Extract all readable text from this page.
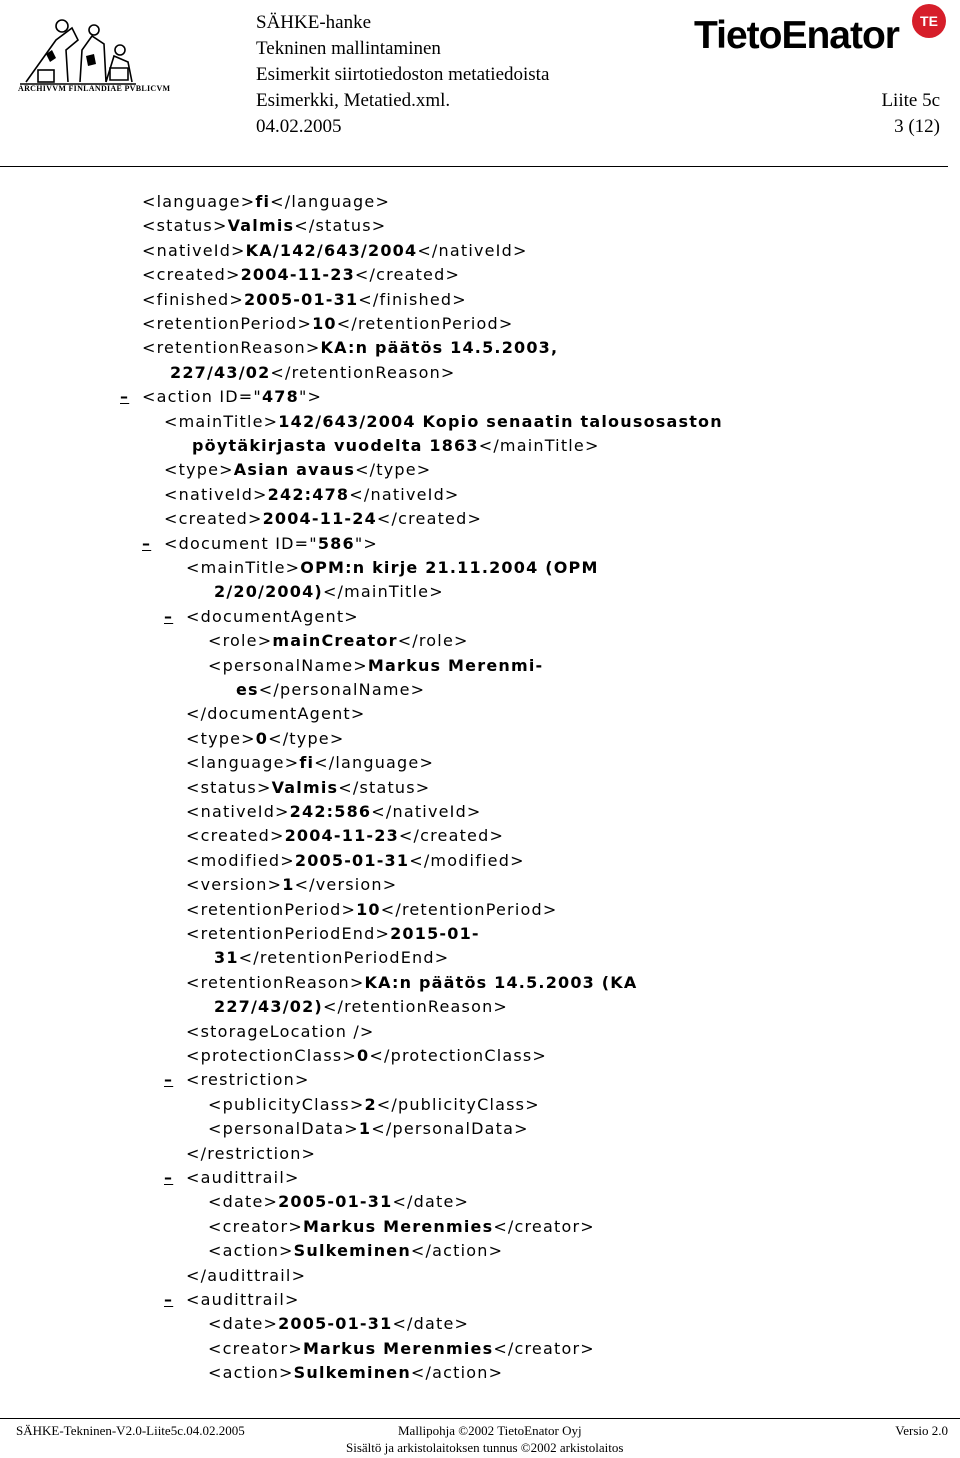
ARCHIVVM FINLANDIAE PVBLICVM
SÄHKE-hanke
Tekninen mallintaminen
Esimerkit siirtotiedoston metatiedoista
Esimerkki, Metatied.xml.
04.02.2005
TietoEnator	TE
Liite 5c
3 (12)
<language>fi</language>
<status>Valmis</status>
<nativeId>KA/142/643/2004</nativeId>
<created>2004-11-23</created>
<finished>2005-01-31</finished>
<retentionPeriod>10</retentionPeriod>
<retentionReason>KA:n päätös 14.5.2003,
227/43/02</retentionReason>
– <action ID="478">
<mainTitle>142/643/2004 Kopio senaatin talousosaston
pöytäkirjasta vuodelta 1863</mainTitle>
<type>Asian avaus</type>
<nativeId>242:478</nativeId>
<created>2004-11-24</created>
– <document ID="586">
<mainTitle>OPM:n kirje 21.11.2004 (OPM
2/20/2004)</mainTitle>
– <documentAgent>
<role>mainCreator</role>
<personalName>Markus Merenmi-
es</personalName>
</documentAgent>
<type>0</type>
<language>fi</language>
<status>Valmis</status>
<nativeId>242:586</nativeId>
<created>2004-11-23</created>
<modified>2005-01-31</modified>
<version>1</version>
<retentionPeriod>10</retentionPeriod>
<retentionPeriodEnd>2015-01-
31</retentionPeriodEnd>
<retentionReason>KA:n päätös 14.5.2003 (KA
227/43/02)</retentionReason>
<storageLocation />
<protectionClass>0</protectionClass>
– <restriction>
<publicityClass>2</publicityClass>
<personalData>1</personalData>
</restriction>
– <audittrail>
<date>2005-01-31</date>
<creator>Markus Merenmies</creator>
<action>Sulkeminen</action>
</audittrail>
– <audittrail>
<date>2005-01-31</date>
<creator>Markus Merenmies</creator>
<action>Sulkeminen</action>
SÄHKE-Tekninen-V2.0-Liite5c.04.02.2005	Mallipohja ©2002 TietoEnator Oyj
Sisältö ja arkistolaitoksen tunnus ©2002 arkistolaitos
Versio 2.0
